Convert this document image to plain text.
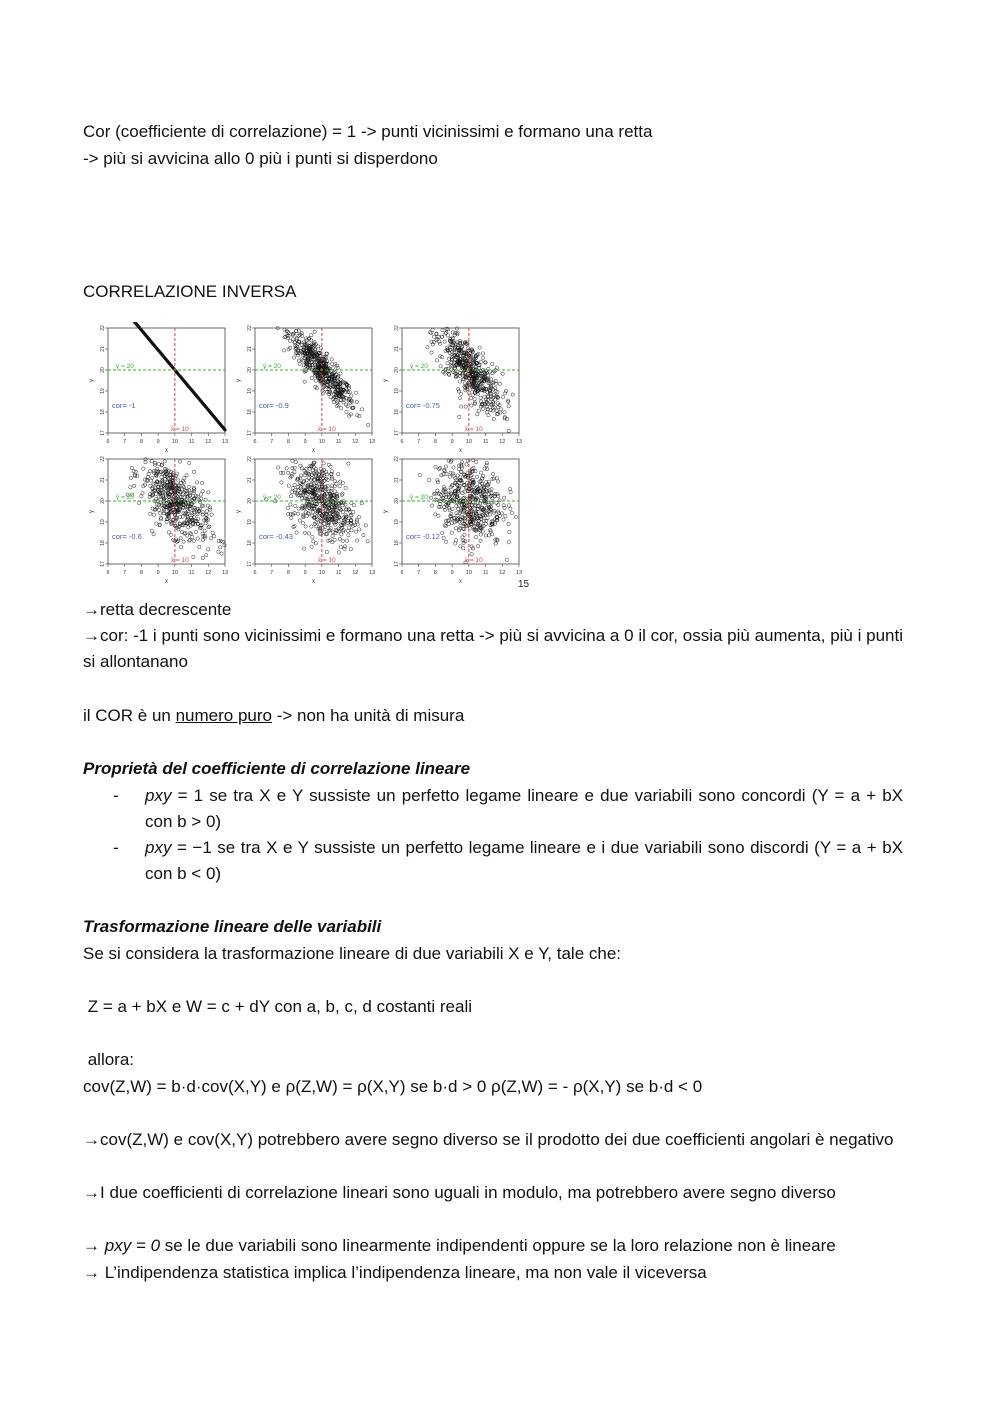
Cor (coefficiente di correlazione) = 1 -> punti vicinissimi e formano una retta
-> più si avvicina allo 0 più i punti si disperdono
CORRELAZIONE INVERSA
17
18
19
20
21
22
6 7 8 9 10 11 12 13
x
y
ȳ = 20
x̄ = 10
cor= -1
17
18
19
20
21
22
6 7 8 9 10 11 12 13
x
y
ȳ = 20
x̄ = 10
cor= -0.9
17
18
19
20
21
22
6 7 8 9 10 11 12 13
x
y
ȳ = 20
x̄ = 10
cor= -0.75
17
18
19
20
21
22
6 7 8 9 10 11 12 13
x
y
ȳ = 20
x̄ = 10
cor= -0.6
17
18
19
20
21
22
6 7 8 9 10 11 12 13
x
y
ȳ = 20
x̄ = 10
cor= -0.43
17
18
19
20
21
22
6 7 8 9 10 11 12 13
x
y
ȳ = 20
x̄ = 10
cor= -0.12
15
→retta decrescente
→cor: -1 i punti sono vicinissimi e formano una retta -> più si avvicina a 0 il cor, ossia più aumenta, più i punti si allontanano
il COR è un numero puro -> non ha unità di misura
Proprietà del coefficiente di correlazione lineare
- pxy = 1 se tra X e Y sussiste un perfetto legame lineare e due variabili sono concordi (Y = a + bX con b > 0)
- pxy = −1 se tra X e Y sussiste un perfetto legame lineare e i due variabili sono discordi (Y = a + bX con b < 0)
Trasformazione lineare delle variabili
Se si considera la trasformazione lineare di due variabili X e Y, tale che:
Z = a + bX e W = c + dY con a, b, c, d costanti reali
allora:
cov(Z,W) = b·d·cov(X,Y) e ρ(Z,W) = ρ(X,Y) se b·d > 0 ρ(Z,W) = - ρ(X,Y) se b·d < 0
→cov(Z,W) e cov(X,Y) potrebbero avere segno diverso se il prodotto dei due coefficienti angolari è negativo
→I due coefficienti di correlazione lineari sono uguali in modulo, ma potrebbero avere segno diverso
→ pxy = 0 se le due variabili sono linearmente indipendenti oppure se la loro relazione non è lineare
→ L’indipendenza statistica implica l’indipendenza lineare, ma non vale il viceversa
